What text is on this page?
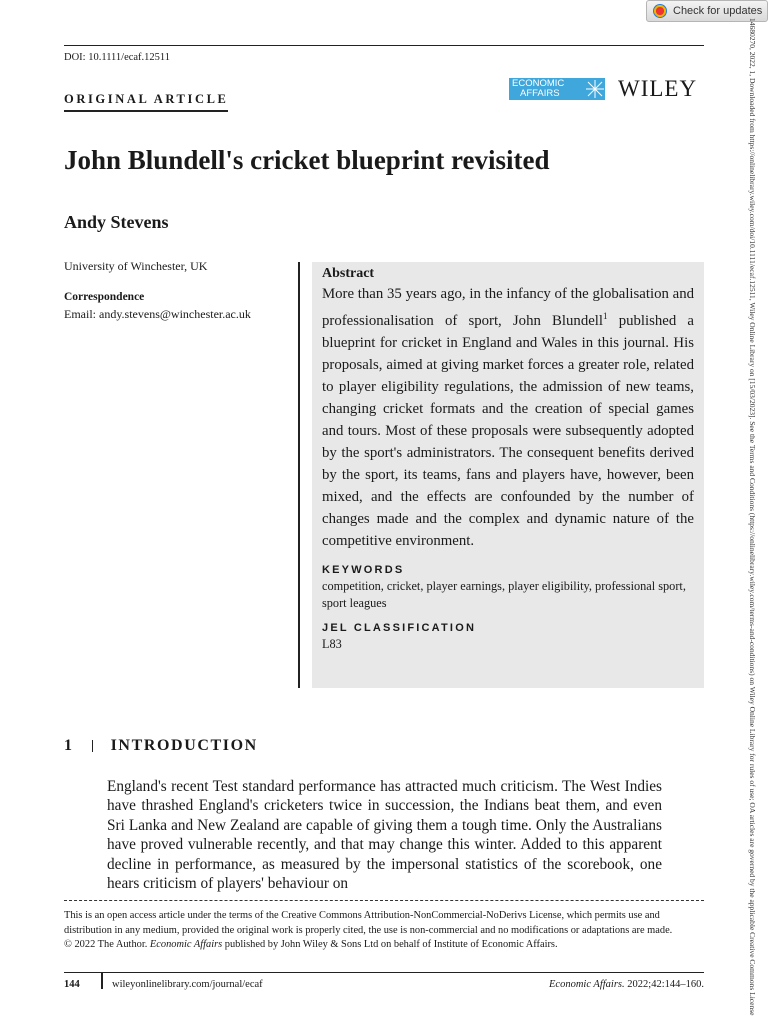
Check for updates
14680270, 2022, 1, Downloaded from https://onlinelibrary.wiley.com/doi/10.1111/ecaf.12511, Wiley Online Library on [15/03/2023]. See the Terms and Conditions (https://onlinelibrary.wiley.com/terms-and-conditions) on Wiley Online Library for rules of use; OA articles are governed by the applicable Creative Commons License
DOI: 10.1111/ecaf.12511
ORIGINAL ARTICLE
ECONOMIC
AFFAIRS	WILEY
John Blundell's cricket blueprint revisited
Andy Stevens
University of Winchester, UK
Correspondence
Email: andy.stevens@winchester.ac.uk

Abstract

More than 35 years ago, in the infancy of the globalisation and professionalisation of sport, John Blundell$^1$ published a blueprint for cricket in England and Wales in this journal. His proposals, aimed at giving market forces a greater role, related to player eligibility regulations, the admission of new teams, changing cricket formats and the creation of special games and tours. Most of these proposals were subsequently adopted by the sport's administrators. The consequent benefits derived by the sport, its teams, fans and players have, however, been mixed, and the effects are confounded by the number of changes made and the complex and dynamic nature of the competitive environment.

KEYWORDS

competition, cricket, player earnings, player eligibility, professional sport, sport leagues

JEL CLASSIFICATION

L83

1 INTRODUCTION

England's recent Test standard performance has attracted much criticism. The West Indies have thrashed England's cricketers twice in succession, the Indians beat them, and even Sri Lanka and New Zealand are capable of giving them a tough time. Only the Australians have proved vulnerable recently, and that may change this winter. Added to this apparent decline in performance, as measured by the impersonal statistics of the scorebook, one hears criticism of players' behaviour on

This is an open access article under the terms of the Creative Commons Attribution-NonCommercial-NoDerivs License, which permits use and distribution in any medium, provided the original work is properly cited, the use is non-commercial and no modifications or adaptations are made.
© 2022 The Author. Economic Affairs published by John Wiley & Sons Ltd on behalf of Institute of Economic Affairs.
144	wileyonlinelibrary.com/journal/ecaf	Economic Affairs. 2022;42:144–160.
